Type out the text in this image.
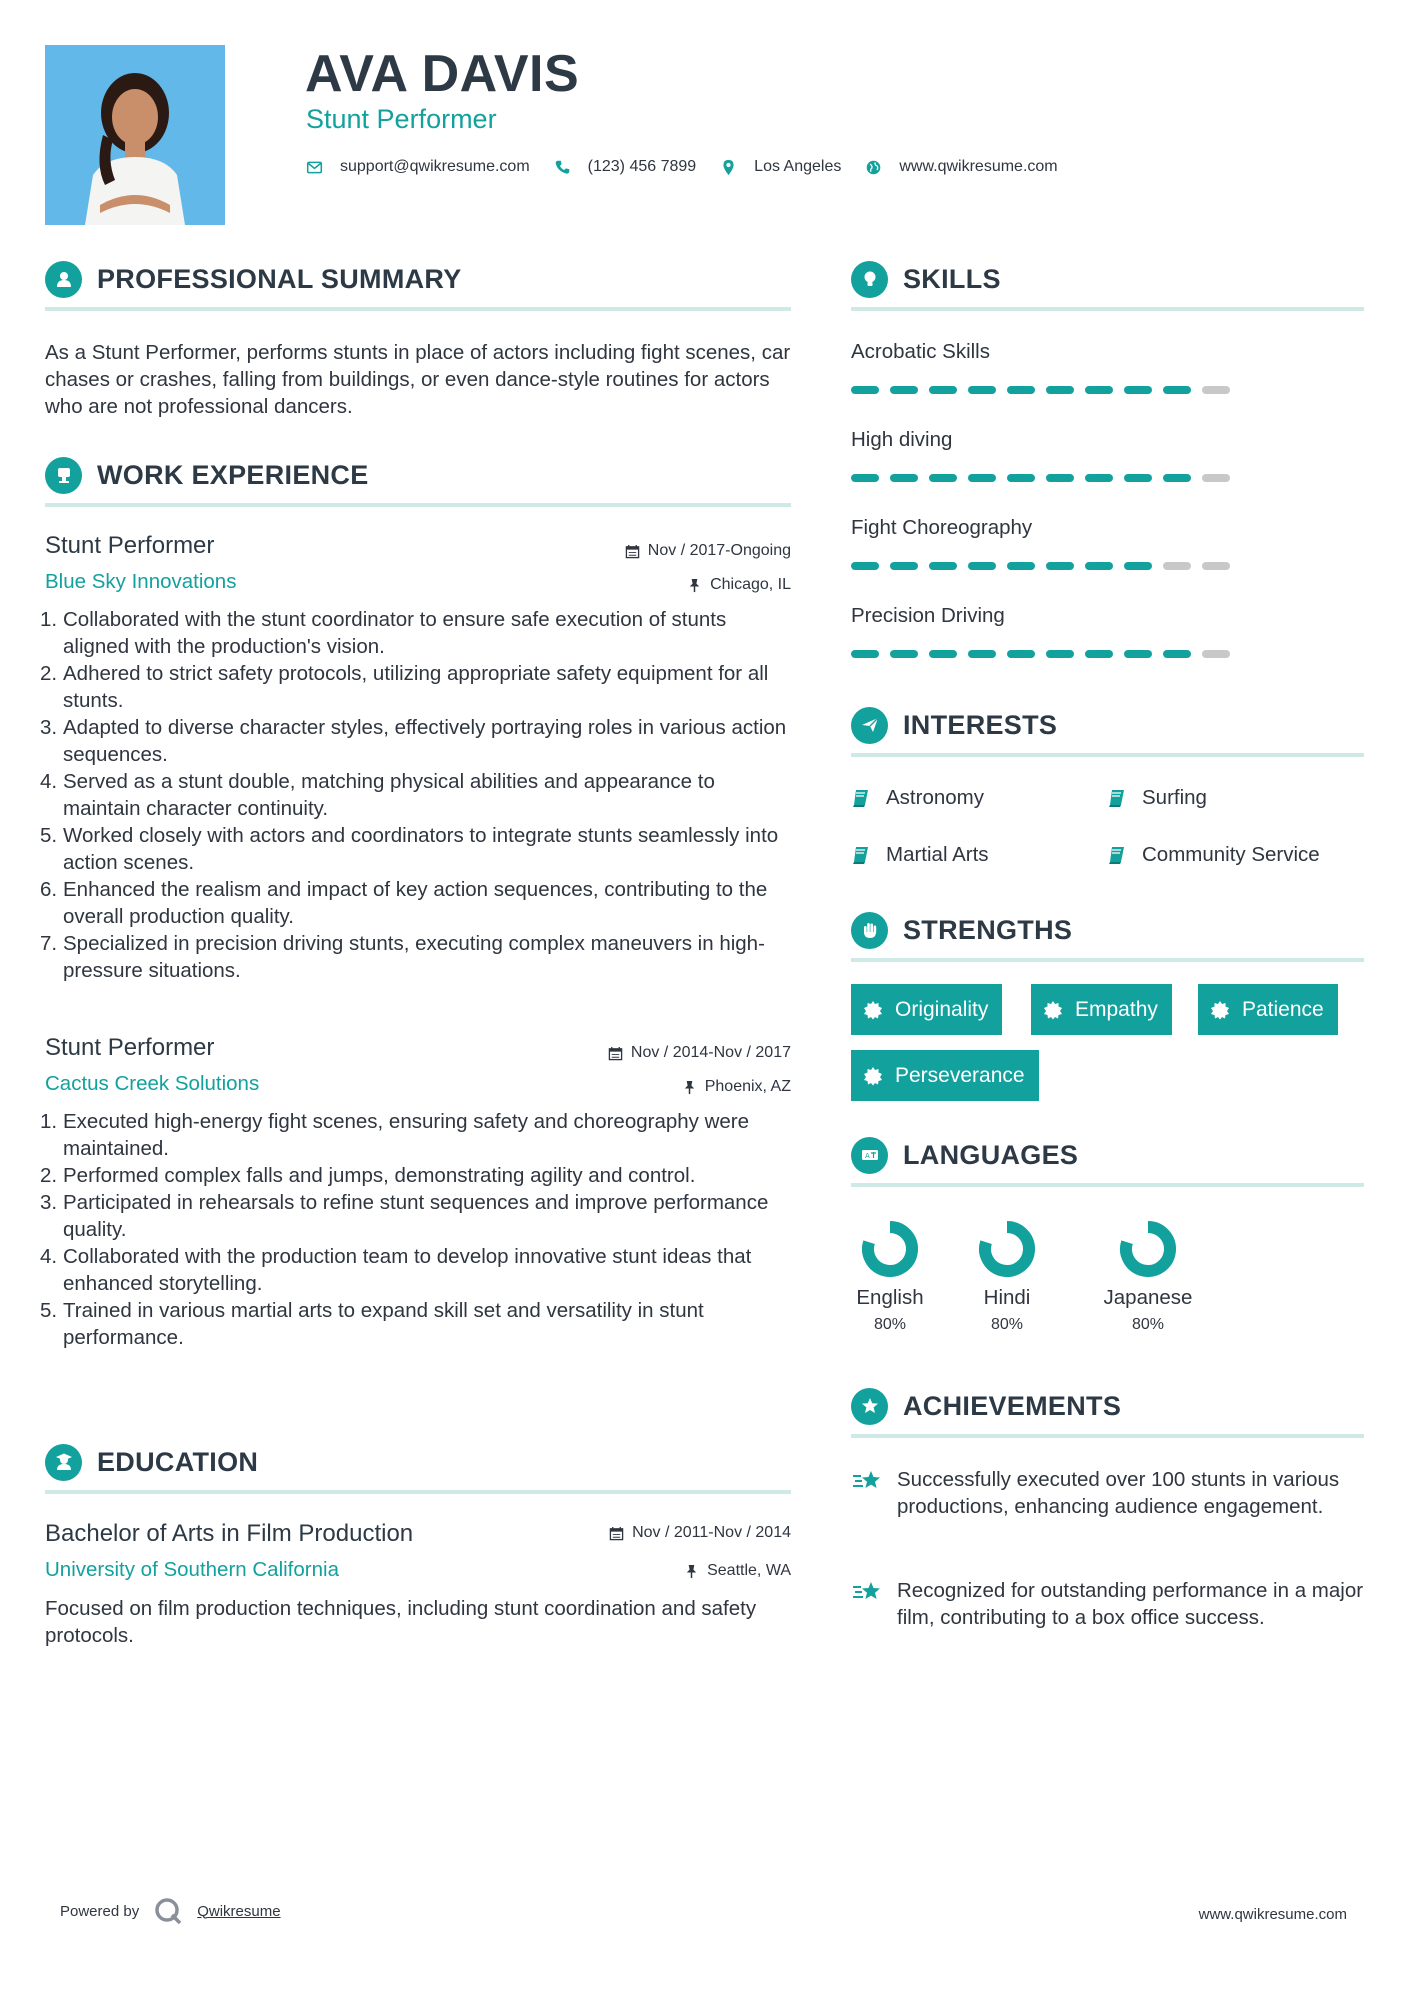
AVA DAVIS
Stunt Performer
support@qwikresume.com	(123) 456 7899	Los Angeles	www.qwikresume.com
PROFESSIONAL SUMMARY

As a Stunt Performer, performs stunts in place of actors including fight scenes, car chases or crashes, falling from buildings, or even dance-style routines for actors who are not professional dancers.

WORK EXPERIENCE
Stunt Performer
Blue Sky Innovations
Nov / 2017-Ongoing
Chicago, IL
1. Collaborated with the stunt coordinator to ensure safe execution of stunts aligned with the production's vision.
2. Adhered to strict safety protocols, utilizing appropriate safety equipment for all stunts.
3. Adapted to diverse character styles, effectively portraying roles in various action sequences.
4. Served as a stunt double, matching physical abilities and appearance to maintain character continuity.
5. Worked closely with actors and coordinators to integrate stunts seamlessly into action scenes.
6. Enhanced the realism and impact of key action sequences, contributing to the overall production quality.
7. Specialized in precision driving stunts, executing complex maneuvers in high-pressure situations.
Stunt Performer
Cactus Creek Solutions
Nov / 2014-Nov / 2017
Phoenix, AZ
1. Executed high-energy fight scenes, ensuring safety and choreography were maintained.
2. Performed complex falls and jumps, demonstrating agility and control.
3. Participated in rehearsals to refine stunt sequences and improve performance quality.
4. Collaborated with the production team to develop innovative stunt ideas that enhanced storytelling.
5. Trained in various martial arts to expand skill set and versatility in stunt performance.
EDUCATION
Bachelor of Arts in Film Production
University of Southern California
Nov / 2011-Nov / 2014
Seattle, WA

Focused on film production techniques, including stunt coordination and safety protocols.

SKILLS
Acrobatic Skills
High diving
Fight Choreography
Precision Driving
INTERESTS
Astronomy	Surfing
Martial Arts	Community Service
STRENGTHS
Originality	Empathy	Patience
Perseverance
A LANGUAGES
English
80%
Hindi
80%
Japanese
80%
ACHIEVEMENTS
Successfully executed over 100 stunts in various productions, enhancing audience engagement.
Recognized for outstanding performance in a major film, contributing to a box office success.
Powered by	Qwikresume	www.qwikresume.com
